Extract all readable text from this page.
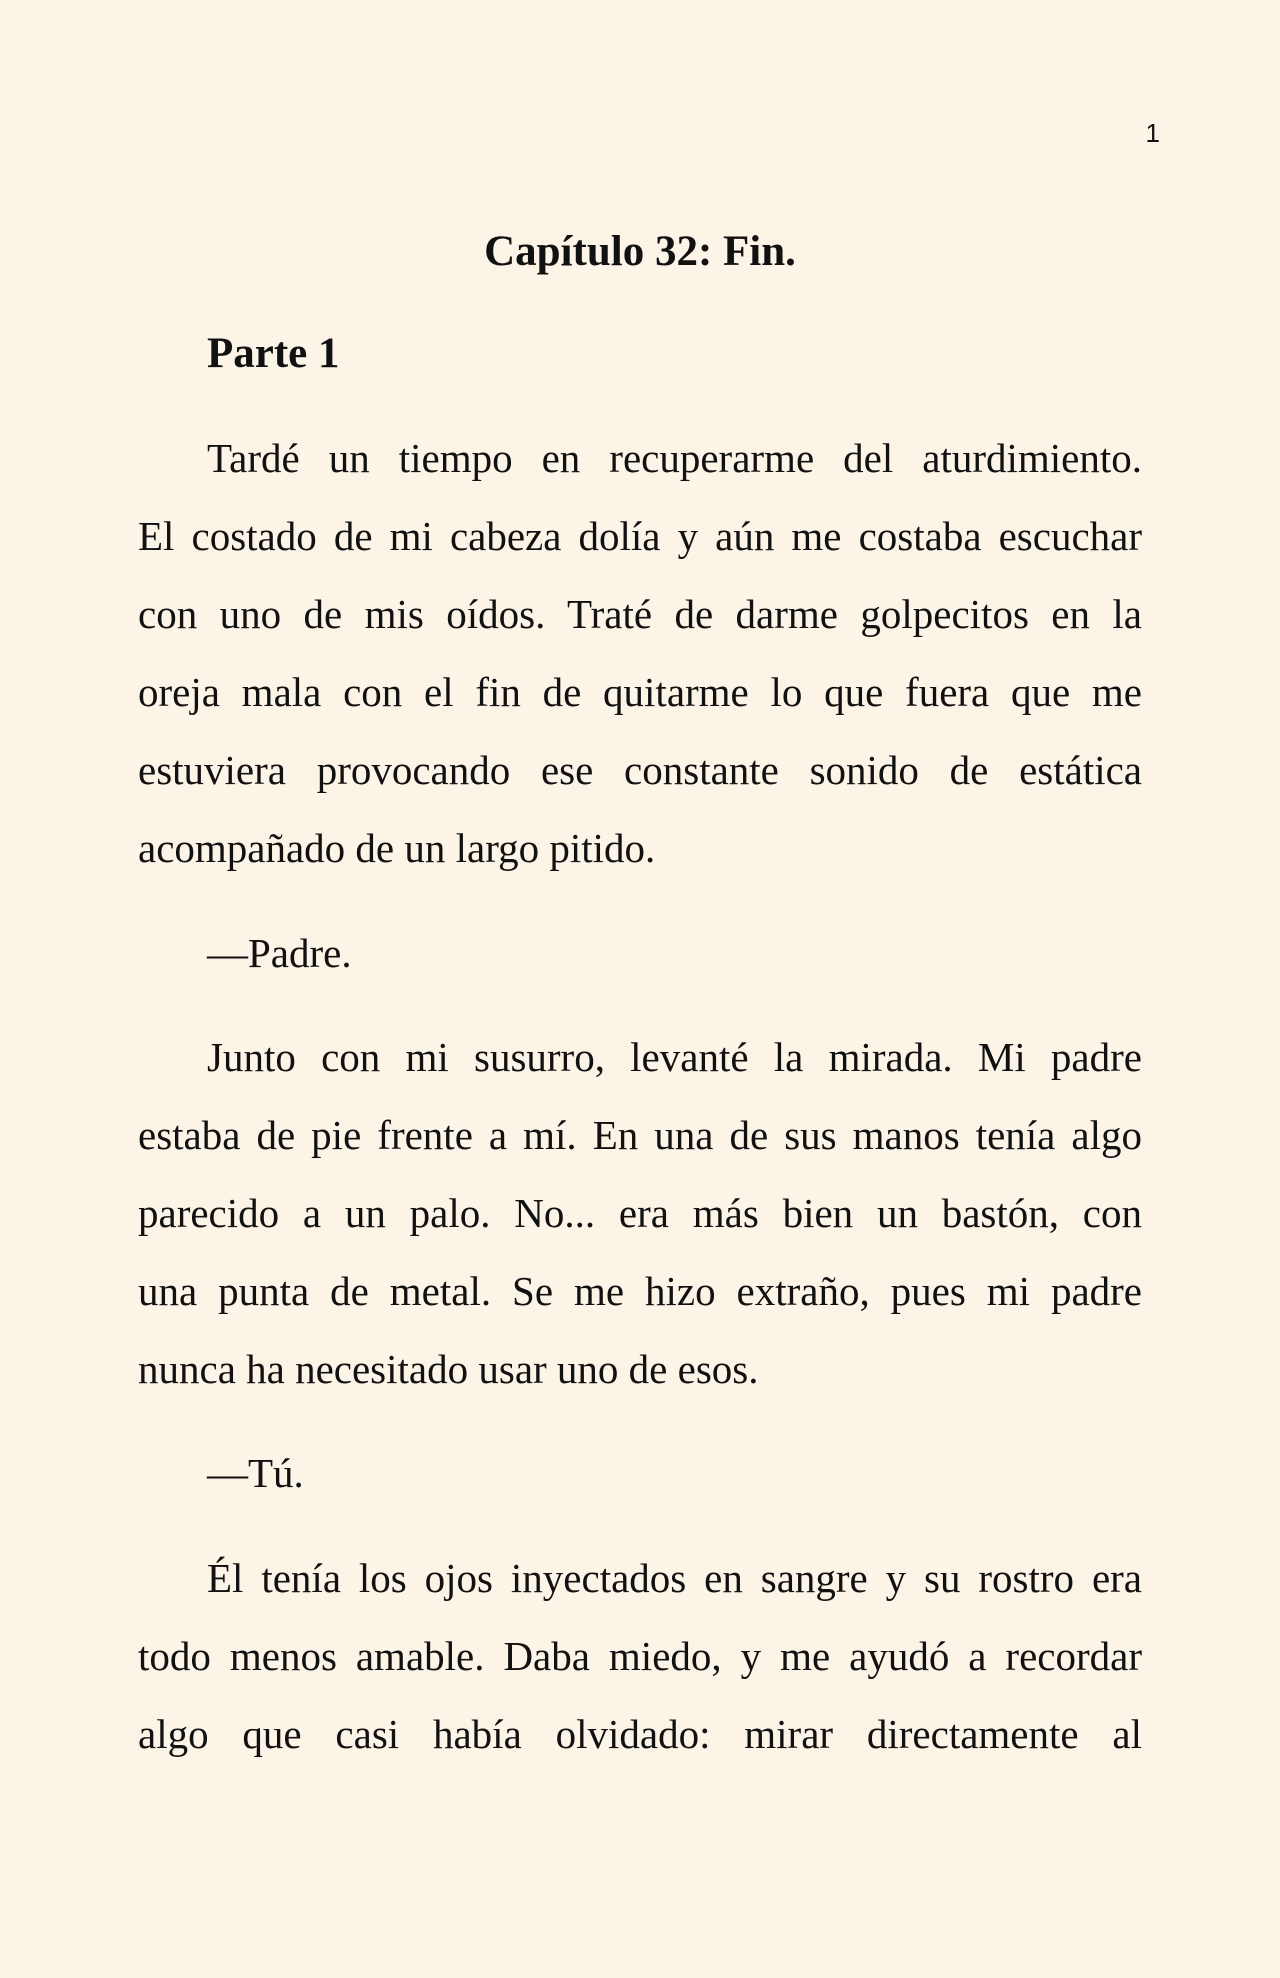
1
Capítulo 32: Fin.
Parte 1

Tardé un tiempo en recuperarme del aturdimiento.
El costado de mi cabeza dolía y aún me costaba escuchar
con uno de mis oídos. Traté de darme golpecitos en la
oreja mala con el fin de quitarme lo que fuera que me
estuviera provocando ese constante sonido de estática
acompañado de un largo pitido.

—Padre.

Junto con mi susurro, levanté la mirada. Mi padre
estaba de pie frente a mí. En una de sus manos tenía algo
parecido a un palo. No... era más bien un bastón, con
una punta de metal. Se me hizo extraño, pues mi padre
nunca ha necesitado usar uno de esos.

—Tú.

Él tenía los ojos inyectados en sangre y su rostro era
todo menos amable. Daba miedo, y me ayudó a recordar
algo que casi había olvidado: mirar directamente al
